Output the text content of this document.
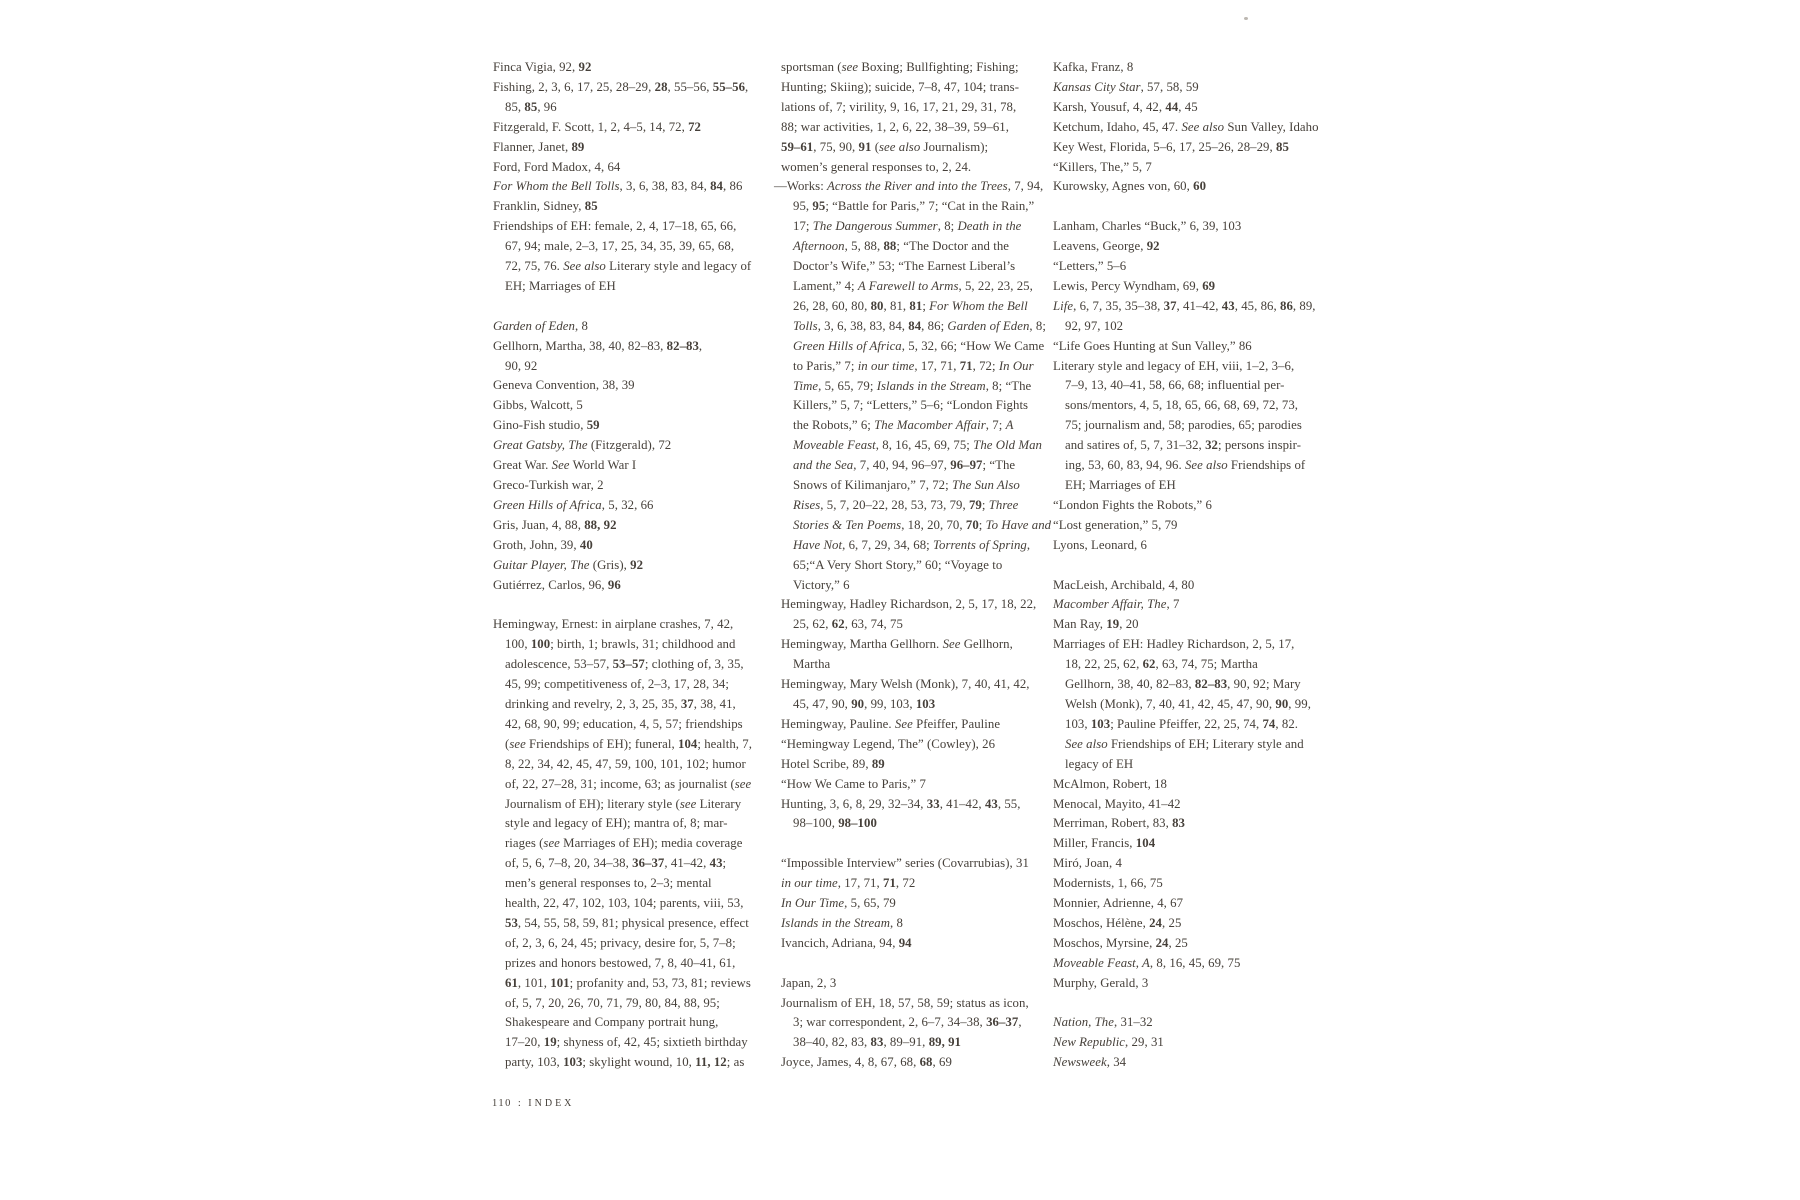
Finca Vigia, 92, 92
Fishing, 2, 3, 6, 17, 25, 28–29, 28, 55–56, 55–56,
85, 85, 96
Fitzgerald, F. Scott, 1, 2, 4–5, 14, 72, 72
Flanner, Janet, 89
Ford, Ford Madox, 4, 64
For Whom the Bell Tolls, 3, 6, 38, 83, 84, 84, 86
Franklin, Sidney, 85
Friendships of EH: female, 2, 4, 17–18, 65, 66,
67, 94; male, 2–3, 17, 25, 34, 35, 39, 65, 68,
72, 75, 76. See also Literary style and legacy of
EH; Marriages of EH
Garden of Eden, 8
Gellhorn, Martha, 38, 40, 82–83, 82–83,
90, 92
Geneva Convention, 38, 39
Gibbs, Walcott, 5
Gino-Fish studio, 59
Great Gatsby, The (Fitzgerald), 72
Great War. See World War I
Greco-Turkish war, 2
Green Hills of Africa, 5, 32, 66
Gris, Juan, 4, 88, 88, 92
Groth, John, 39, 40
Guitar Player, The (Gris), 92
Gutiérrez, Carlos, 96, 96
Hemingway, Ernest: in airplane crashes, 7, 42,
100, 100; birth, 1; brawls, 31; childhood and
adolescence, 53–57, 53–57; clothing of, 3, 35,
45, 99; competitiveness of, 2–3, 17, 28, 34;
drinking and revelry, 2, 3, 25, 35, 37, 38, 41,
42, 68, 90, 99; education, 4, 5, 57; friendships
(see Friendships of EH); funeral, 104; health, 7,
8, 22, 34, 42, 45, 47, 59, 100, 101, 102; humor
of, 22, 27–28, 31; income, 63; as journalist (see
Journalism of EH); literary style (see Literary
style and legacy of EH); mantra of, 8; mar-
riages (see Marriages of EH); media coverage
of, 5, 6, 7–8, 20, 34–38, 36–37, 41–42, 43;
men’s general responses to, 2–3; mental
health, 22, 47, 102, 103, 104; parents, viii, 53,
53, 54, 55, 58, 59, 81; physical presence, effect
of, 2, 3, 6, 24, 45; privacy, desire for, 5, 7–8;
prizes and honors bestowed, 7, 8, 40–41, 61,
61, 101, 101; profanity and, 53, 73, 81; reviews
of, 5, 7, 20, 26, 70, 71, 79, 80, 84, 88, 95;
Shakespeare and Company portrait hung,
17–20, 19; shyness of, 42, 45; sixtieth birthday
party, 103, 103; skylight wound, 10, 11, 12; as
sportsman (see Boxing; Bullfighting; Fishing;
Hunting; Skiing); suicide, 7–8, 47, 104; trans-
lations of, 7; virility, 9, 16, 17, 21, 29, 31, 78,
88; war activities, 1, 2, 6, 22, 38–39, 59–61,
59–61, 75, 90, 91 (see also Journalism);
women’s general responses to, 2, 24.
—Works: Across the River and into the Trees, 7, 94,
95, 95; “Battle for Paris,” 7; “Cat in the Rain,”
17; The Dangerous Summer, 8; Death in the
Afternoon, 5, 88, 88; “The Doctor and the
Doctor’s Wife,” 53; “The Earnest Liberal’s
Lament,” 4; A Farewell to Arms, 5, 22, 23, 25,
26, 28, 60, 80, 80, 81, 81; For Whom the Bell
Tolls, 3, 6, 38, 83, 84, 84, 86; Garden of Eden, 8;
Green Hills of Africa, 5, 32, 66; “How We Came
to Paris,” 7; in our time, 17, 71, 71, 72; In Our
Time, 5, 65, 79; Islands in the Stream, 8; “The
Killers,” 5, 7; “Letters,” 5–6; “London Fights
the Robots,” 6; The Macomber Affair, 7; A
Moveable Feast, 8, 16, 45, 69, 75; The Old Man
and the Sea, 7, 40, 94, 96–97, 96–97; “The
Snows of Kilimanjaro,” 7, 72; The Sun Also
Rises, 5, 7, 20–22, 28, 53, 73, 79, 79; Three
Stories & Ten Poems, 18, 20, 70, 70; To Have and
Have Not, 6, 7, 29, 34, 68; Torrents of Spring,
65;“A Very Short Story,” 60; “Voyage to
Victory,” 6
Hemingway, Hadley Richardson, 2, 5, 17, 18, 22,
25, 62, 62, 63, 74, 75
Hemingway, Martha Gellhorn. See Gellhorn,
Martha
Hemingway, Mary Welsh (Monk), 7, 40, 41, 42,
45, 47, 90, 90, 99, 103, 103
Hemingway, Pauline. See Pfeiffer, Pauline
“Hemingway Legend, The” (Cowley), 26
Hotel Scribe, 89, 89
“How We Came to Paris,” 7
Hunting, 3, 6, 8, 29, 32–34, 33, 41–42, 43, 55,
98–100, 98–100
“Impossible Interview” series (Covarrubias), 31
in our time, 17, 71, 71, 72
In Our Time, 5, 65, 79
Islands in the Stream, 8
Ivancich, Adriana, 94, 94
Japan, 2, 3
Journalism of EH, 18, 57, 58, 59; status as icon,
3; war correspondent, 2, 6–7, 34–38, 36–37,
38–40, 82, 83, 83, 89–91, 89, 91
Joyce, James, 4, 8, 67, 68, 68, 69
Kafka, Franz, 8
Kansas City Star, 57, 58, 59
Karsh, Yousuf, 4, 42, 44, 45
Ketchum, Idaho, 45, 47. See also Sun Valley, Idaho
Key West, Florida, 5–6, 17, 25–26, 28–29, 85
“Killers, The,” 5, 7
Kurowsky, Agnes von, 60, 60
Lanham, Charles “Buck,” 6, 39, 103
Leavens, George, 92
“Letters,” 5–6
Lewis, Percy Wyndham, 69, 69
Life, 6, 7, 35, 35–38, 37, 41–42, 43, 45, 86, 86, 89,
92, 97, 102
“Life Goes Hunting at Sun Valley,” 86
Literary style and legacy of EH, viii, 1–2, 3–6,
7–9, 13, 40–41, 58, 66, 68; influential per-
sons/mentors, 4, 5, 18, 65, 66, 68, 69, 72, 73,
75; journalism and, 58; parodies, 65; parodies
and satires of, 5, 7, 31–32, 32; persons inspir-
ing, 53, 60, 83, 94, 96. See also Friendships of
EH; Marriages of EH
“London Fights the Robots,” 6
“Lost generation,” 5, 79
Lyons, Leonard, 6
MacLeish, Archibald, 4, 80
Macomber Affair, The, 7
Man Ray, 19, 20
Marriages of EH: Hadley Richardson, 2, 5, 17,
18, 22, 25, 62, 62, 63, 74, 75; Martha
Gellhorn, 38, 40, 82–83, 82–83, 90, 92; Mary
Welsh (Monk), 7, 40, 41, 42, 45, 47, 90, 90, 99,
103, 103; Pauline Pfeiffer, 22, 25, 74, 74, 82.
See also Friendships of EH; Literary style and
legacy of EH
McAlmon, Robert, 18
Menocal, Mayito, 41–42
Merriman, Robert, 83, 83
Miller, Francis, 104
Miró, Joan, 4
Modernists, 1, 66, 75
Monnier, Adrienne, 4, 67
Moschos, Hélène, 24, 25
Moschos, Myrsine, 24, 25
Moveable Feast, A, 8, 16, 45, 69, 75
Murphy, Gerald, 3
Nation, The, 31–32
New Republic, 29, 31
Newsweek, 34
110 : INDEX
